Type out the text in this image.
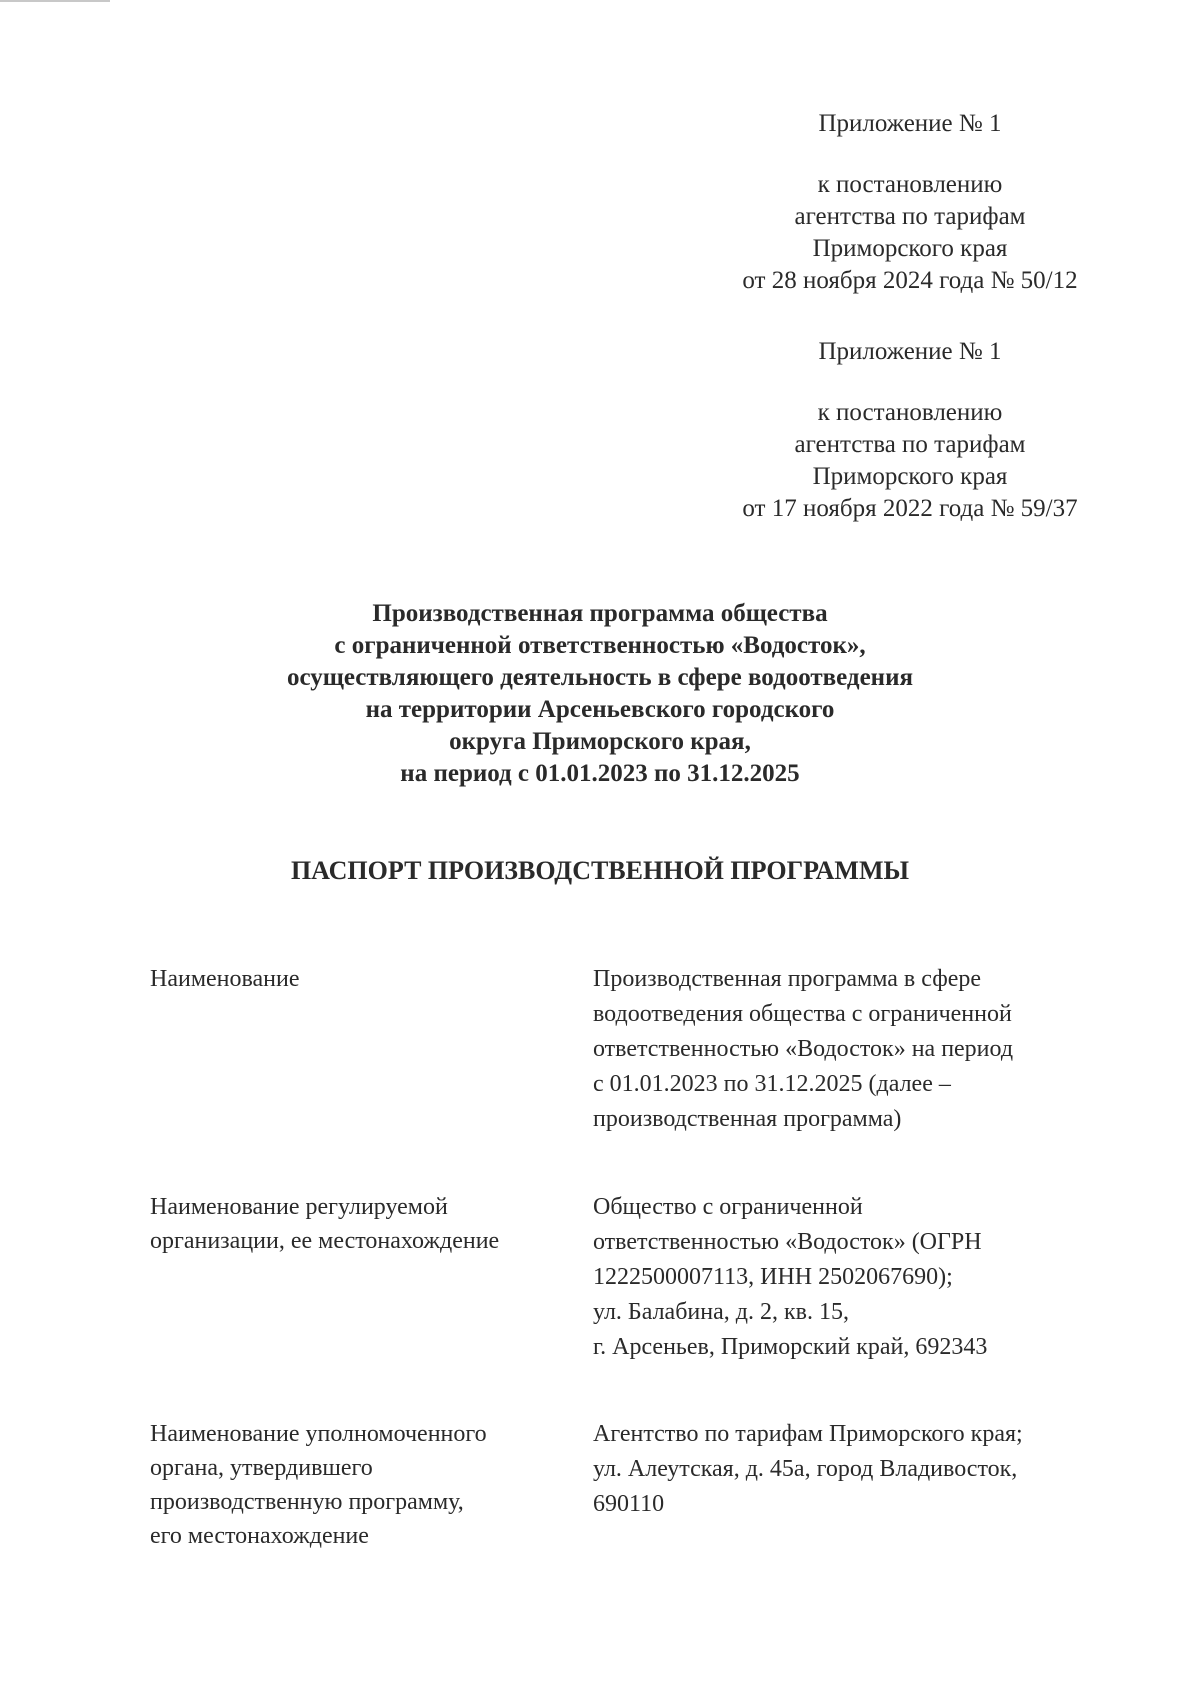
Приложение № 1
к постановлению
агентства по тарифам
Приморского края
от 28 ноября 2024 года № 50/12
Приложение № 1
к постановлению
агентства по тарифам
Приморского края
от 17 ноября 2022 года № 59/37
Производственная программа общества
с ограниченной ответственностью «Водосток»,
осуществляющего деятельность в сфере водоотведения
на территории Арсеньевского городского
округа Приморского края,
на период с 01.01.2023 по 31.12.2025
ПАСПОРТ ПРОИЗВОДСТВЕННОЙ ПРОГРАММЫ
Наименование	Производственная программа в сфере
водоотведения общества с ограниченной
ответственностью «Водосток» на период
с 01.01.2023 по 31.12.2025 (далее –
производственная программа)
Наименование регулируемой
организации, ее местонахождение
Общество с ограниченной
ответственностью «Водосток» (ОГРН
1222500007113, ИНН 2502067690);
ул. Балабина, д. 2, кв. 15,
г. Арсеньев, Приморский край, 692343
Наименование уполномоченного
органа, утвердившего
производственную программу,
его местонахождение
Агентство по тарифам Приморского края;
ул. Алеутская, д. 45а, город Владивосток,
690110
